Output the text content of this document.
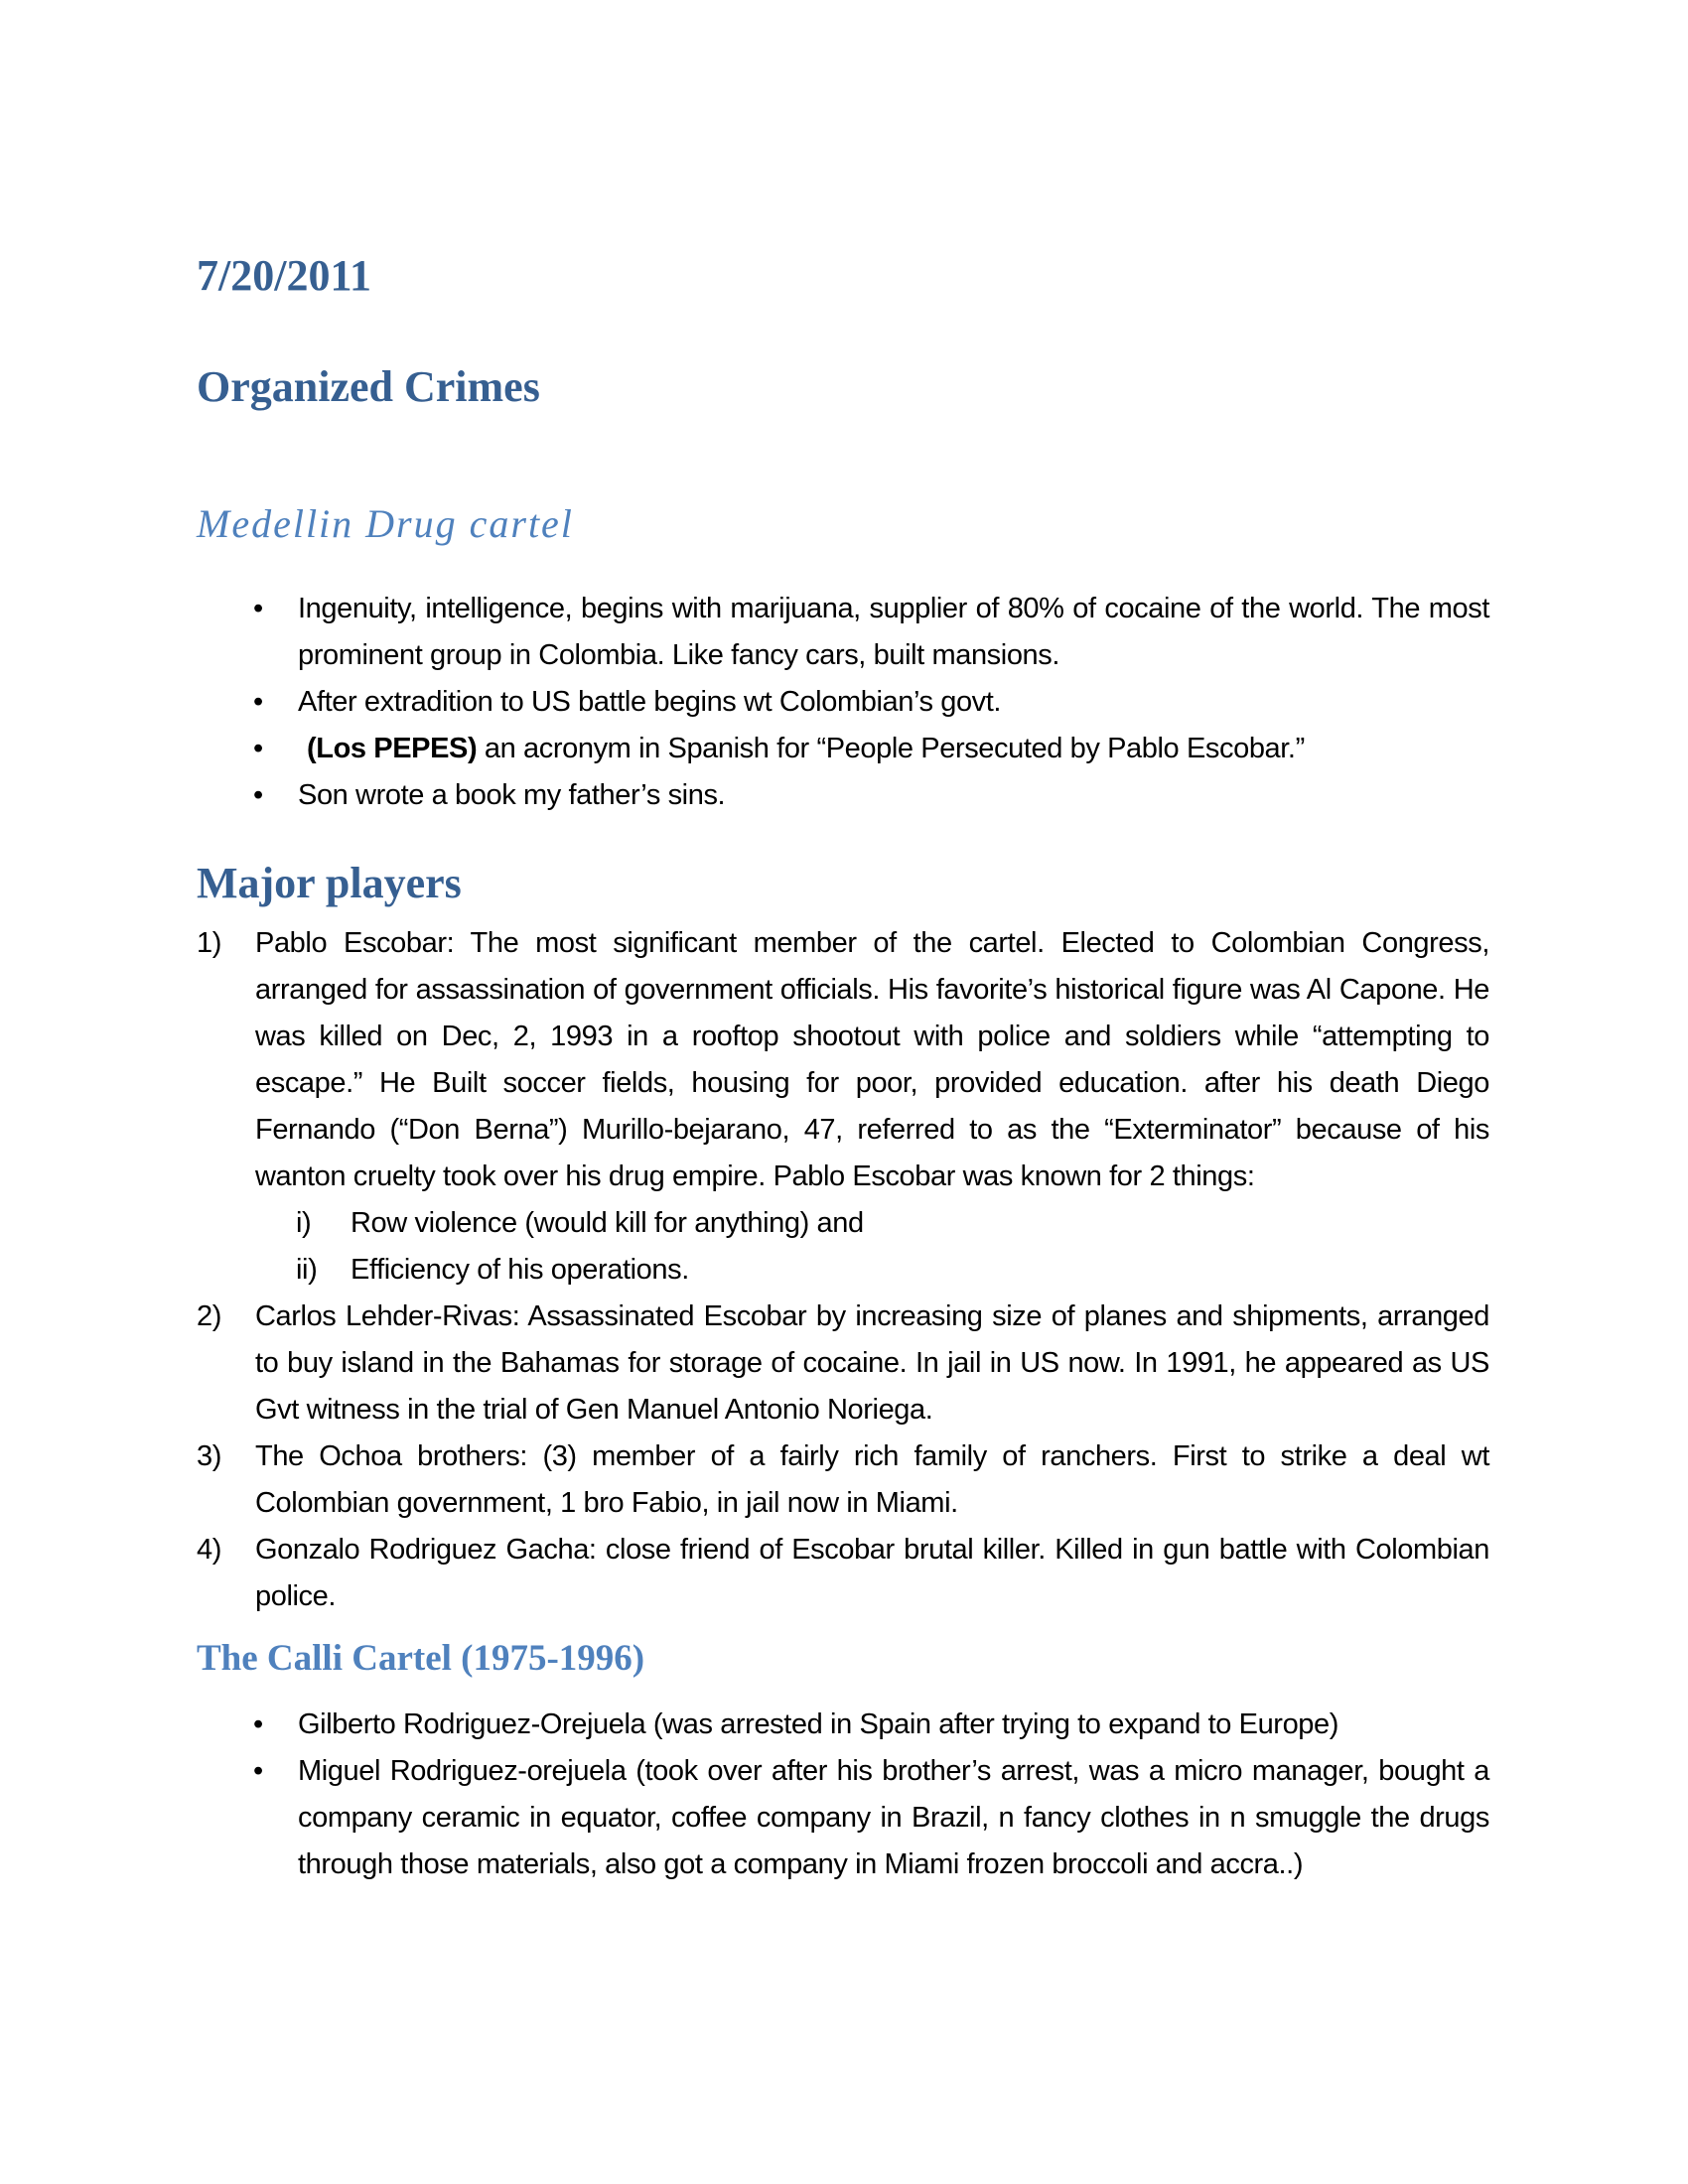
7/20/2011
Organized Crimes
Medellin Drug cartel
• Ingenuity, intelligence, begins with marijuana, supplier of 80% of cocaine of the world. The most prominent group in Colombia. Like fancy cars, built mansions.
• After extradition to US battle begins wt Colombian’s govt.
• (Los PEPES) an acronym in Spanish for “People Persecuted by Pablo Escobar.”
• Son wrote a book my father’s sins.
Major players
1) Pablo Escobar: The most significant member of the cartel. Elected to Colombian Congress, arranged for assassination of government officials. His favorite’s historical figure was Al Capone. He was killed on Dec, 2, 1993 in a rooftop shootout with police and soldiers while “attempting to escape.” He Built soccer fields, housing for poor, provided education. after his death Diego Fernando (“Don Berna”) Murillo-bejarano, 47, referred to as the “Exterminator” because of his wanton cruelty took over his drug empire. Pablo Escobar was known for 2 things:
i) Row violence (would kill for anything) and
ii) Efficiency of his operations.
2) Carlos Lehder-Rivas: Assassinated Escobar by increasing size of planes and shipments, arranged to buy island in the Bahamas for storage of cocaine. In jail in US now. In 1991, he appeared as US Gvt witness in the trial of Gen Manuel Antonio Noriega.
3) The Ochoa brothers: (3) member of a fairly rich family of ranchers. First to strike a deal wt Colombian government, 1 bro Fabio, in jail now in Miami.
4) Gonzalo Rodriguez Gacha: close friend of Escobar brutal killer. Killed in gun battle with Colombian police.
The Calli Cartel (1975-1996)
• Gilberto Rodriguez-Orejuela (was arrested in Spain after trying to expand to Europe)
• Miguel Rodriguez-orejuela (took over after his brother’s arrest, was a micro manager, bought a company ceramic in equator, coffee company in Brazil, n fancy clothes in n smuggle the drugs through those materials, also got a company in Miami frozen broccoli and accra..)
